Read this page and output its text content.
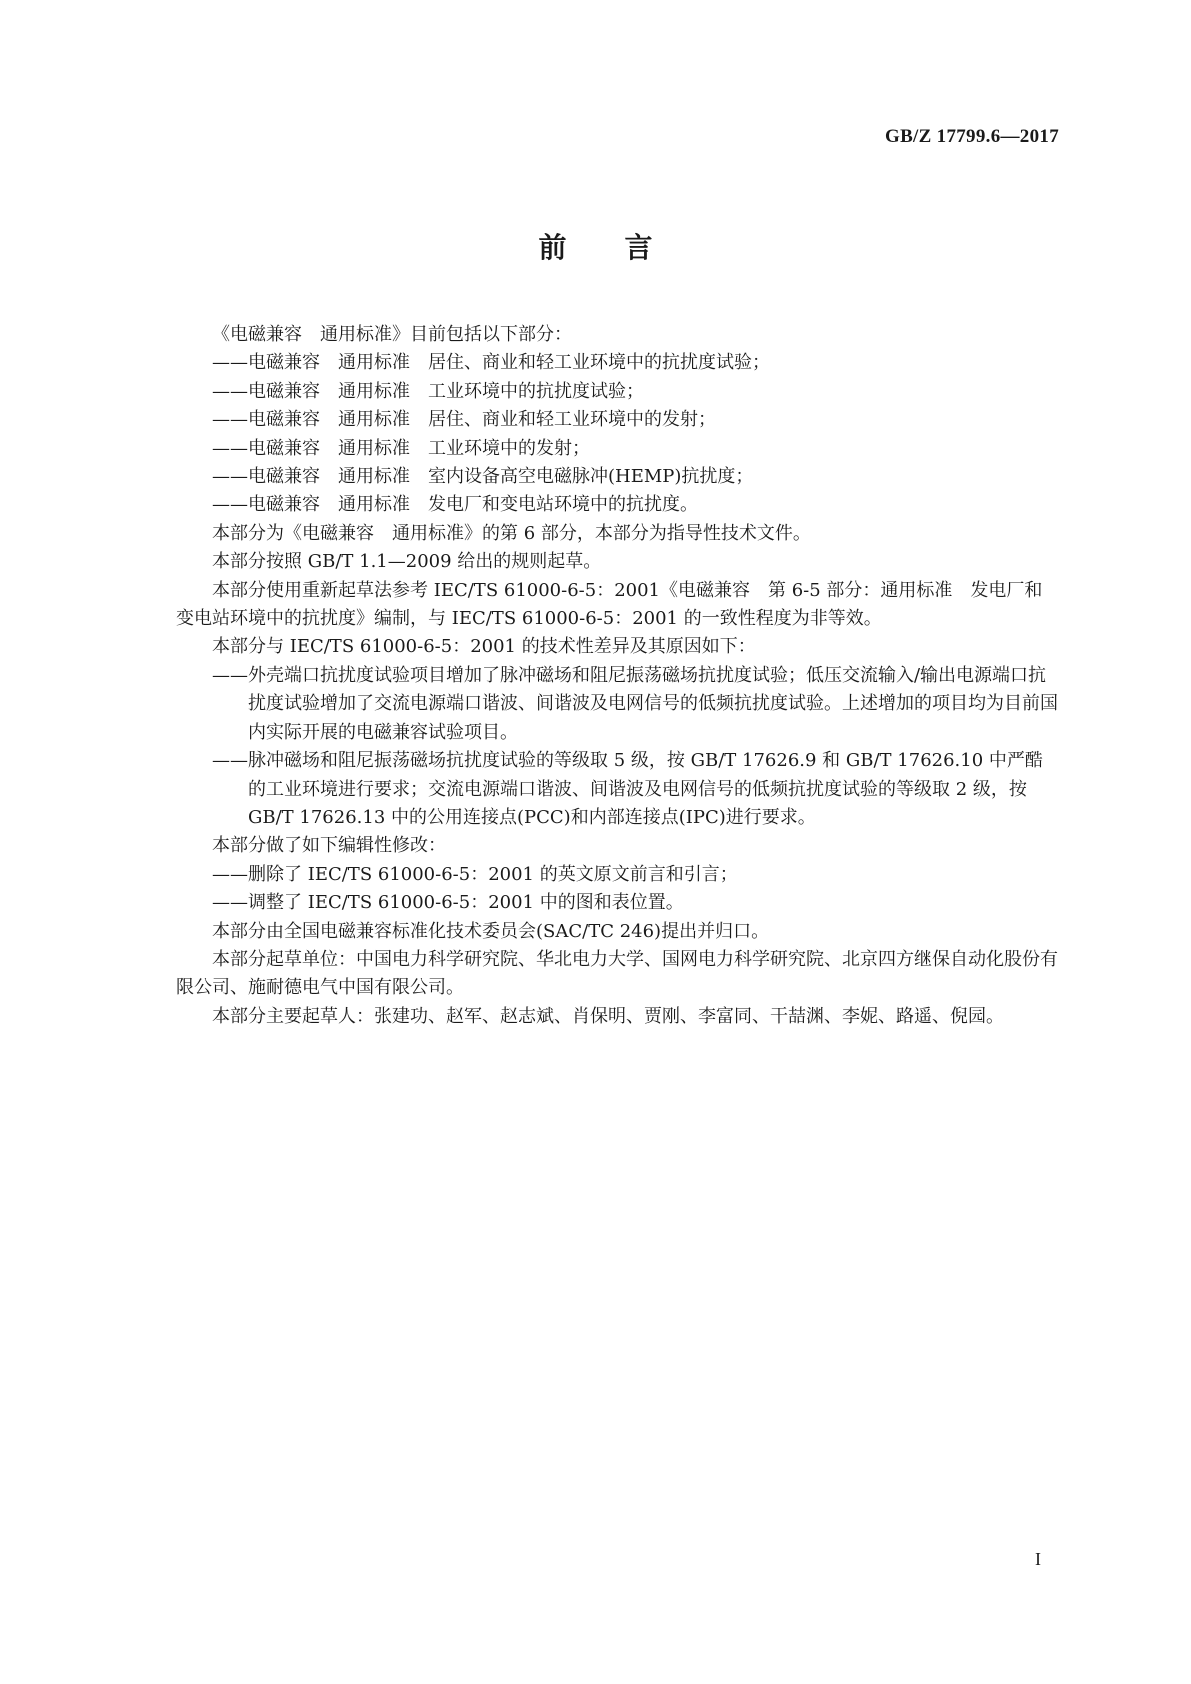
GB/Z 17799.6—2017
前言

《电磁兼容　通用标准》目前包括以下部分：

——电磁兼容　通用标准　居住、商业和轻工业环境中的抗扰度试验；

——电磁兼容　通用标准　工业环境中的抗扰度试验；

——电磁兼容　通用标准　居住、商业和轻工业环境中的发射；

——电磁兼容　通用标准　工业环境中的发射；

——电磁兼容　通用标准　室内设备高空电磁脉冲(HEMP)抗扰度；

——电磁兼容　通用标准　发电厂和变电站环境中的抗扰度。

本部分为《电磁兼容　通用标准》的第 6 部分，本部分为指导性技术文件。

本部分按照 GB/T 1.1—2009 给出的规则起草。

本部分使用重新起草法参考 IEC/TS 61000-6-5：2001《电磁兼容　第 6-5 部分：通用标准　发电厂和变电站环境中的抗扰度》编制，与 IEC/TS 61000-6-5：2001 的一致性程度为非等效。

本部分与 IEC/TS 61000-6-5：2001 的技术性差异及其原因如下：

——外壳端口抗扰度试验项目增加了脉冲磁场和阻尼振荡磁场抗扰度试验；低压交流输入/输出电源端口抗扰度试验增加了交流电源端口谐波、间谐波及电网信号的低频抗扰度试验。上述增加的项目均为目前国内实际开展的电磁兼容试验项目。

——脉冲磁场和阻尼振荡磁场抗扰度试验的等级取 5 级，按 GB/T 17626.9 和 GB/T 17626.10 中严酷的工业环境进行要求；交流电源端口谐波、间谐波及电网信号的低频抗扰度试验的等级取 2 级，按 GB/T 17626.13 中的公用连接点(PCC)和内部连接点(IPC)进行要求。

本部分做了如下编辑性修改：

——删除了 IEC/TS 61000-6-5：2001 的英文原文前言和引言；

——调整了 IEC/TS 61000-6-5：2001 中的图和表位置。

本部分由全国电磁兼容标准化技术委员会(SAC/TC 246)提出并归口。

本部分起草单位：中国电力科学研究院、华北电力大学、国网电力科学研究院、北京四方继保自动化股份有限公司、施耐德电气中国有限公司。

本部分主要起草人：张建功、赵军、赵志斌、肖保明、贾刚、李富同、干喆渊、李妮、路遥、倪园。

I
